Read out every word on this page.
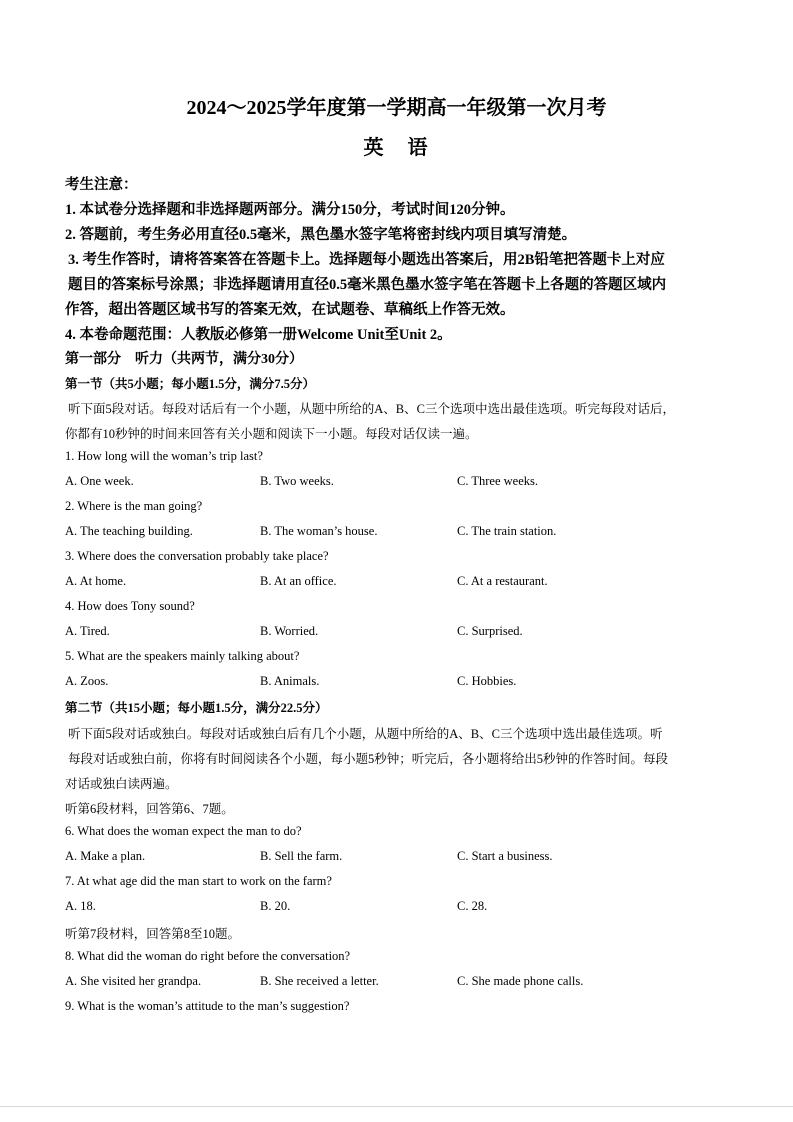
2024～2025学年度第一学期高一年级第一次月考
英　语
考生注意：
1. 本试卷分选择题和非选择题两部分。满分150分，考试时间120分钟。
2. 答题前，考生务必用直径0.5毫米，黑色墨水签字笔将密封线内项目填写清楚。
3. 考生作答时，请将答案答在答题卡上。选择题每小题选出答案后，用2B铅笔把答题卡上对应
题目的答案标号涂黑；非选择题请用直径0.5毫米黑色墨水签字笔在答题卡上各题的答题区域内
作答，超出答题区域书写的答案无效，在试题卷、草稿纸上作答无效。
4. 本卷命题范围：人教版必修第一册Welcome Unit至Unit 2。
第一部分　听力（共两节，满分30分）
第一节（共5小题；每小题1.5分，满分7.5分）
听下面5段对话。每段对话后有一个小题，从题中所给的A、B、C三个选项中选出最佳选项。听完每段对话后，
你都有10秒钟的时间来回答有关小题和阅读下一小题。每段对话仅读一遍。
1. How long will the woman’s trip last?
A. One week.	B. Two weeks.	C. Three weeks.
2. Where is the man going?
A. The teaching building.	B. The woman’s house.	C. The train station.
3. Where does the conversation probably take place?
A. At home.	B. At an office.	C. At a restaurant.
4. How does Tony sound?
A. Tired.	B. Worried.	C. Surprised.
5. What are the speakers mainly talking about?
A. Zoos.	B. Animals.	C. Hobbies.
第二节（共15小题；每小题1.5分，满分22.5分）
听下面5段对话或独白。每段对话或独白后有几个小题，从题中所给的A、B、C三个选项中选出最佳选项。听
每段对话或独白前，你将有时间阅读各个小题，每小题5秒钟；听完后，各小题将给出5秒钟的作答时间。每段
对话或独白读两遍。
听第6段材料，回答第6、7题。
6. What does the woman expect the man to do?
A. Make a plan.	B. Sell the farm.	C. Start a business.
7. At what age did the man start to work on the farm?
A. 18.	B. 20.	C. 28.
听第7段材料，回答第8至10题。
8. What did the woman do right before the conversation?
A. She visited her grandpa.	B. She received a letter.	C. She made phone calls.
9. What is the woman’s attitude to the man’s suggestion?
